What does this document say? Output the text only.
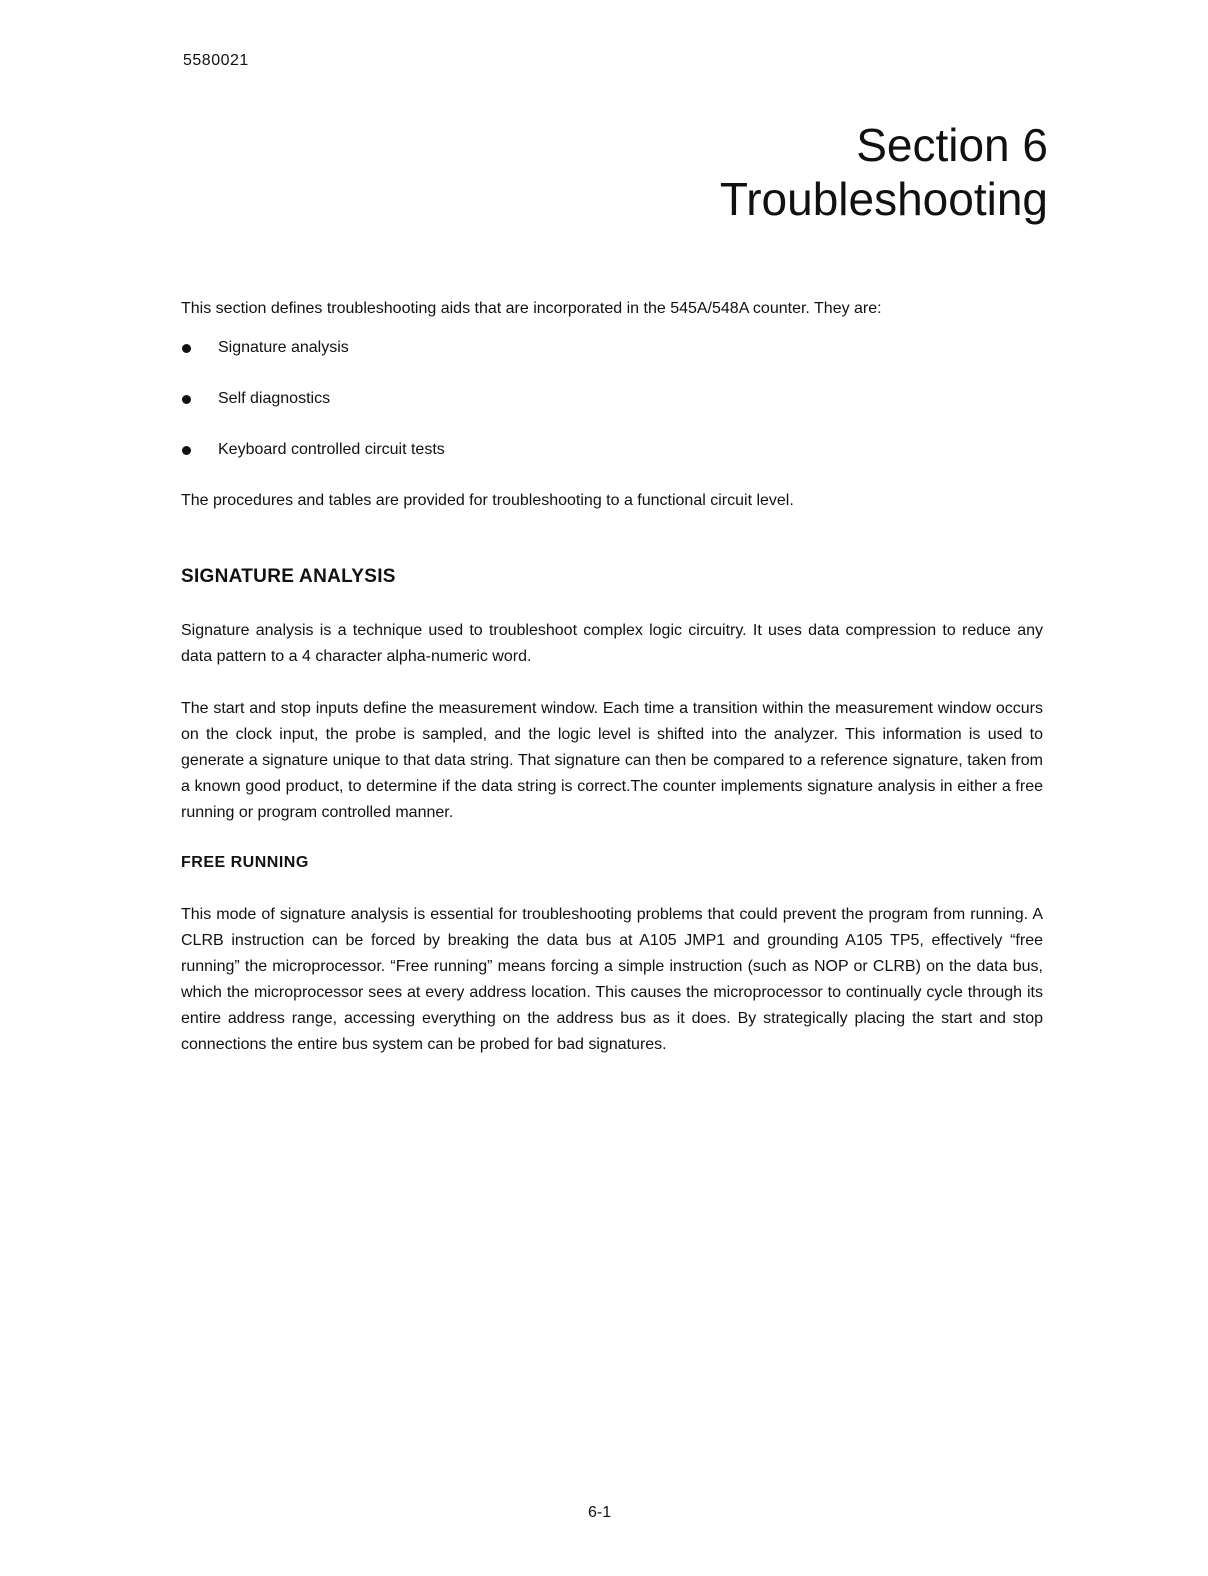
5580021
Section 6
Troubleshooting

This section defines troubleshooting aids that are incorporated in the 545A/548A counter. They are:

Signature analysis
Self diagnostics
Keyboard controlled circuit tests

The procedures and tables are provided for troubleshooting to a functional circuit level.

SIGNATURE ANALYSIS

Signature analysis is a technique used to troubleshoot complex logic circuitry. It uses data compression to reduce any data pattern to a 4 character alpha-numeric word.

The start and stop inputs define the measurement window. Each time a transition within the measurement window occurs on the clock input, the probe is sampled, and the logic level is shifted into the analyzer. This information is used to generate a signature unique to that data string. That signature can then be compared to a reference signature, taken from a known good product, to determine if the data string is correct.The counter implements signature analysis in either a free running or program controlled manner.

FREE RUNNING

This mode of signature analysis is essential for troubleshooting problems that could prevent the program from running. A CLRB instruction can be forced by breaking the data bus at A105 JMP1 and grounding A105 TP5, effectively “free running” the microprocessor. “Free running” means forcing a simple instruction (such as NOP or CLRB) on the data bus, which the microprocessor sees at every address location. This causes the microprocessor to continually cycle through its entire address range, accessing everything on the address bus as it does. By strategically placing the start and stop connections the entire bus system can be probed for bad signatures.

6-1
